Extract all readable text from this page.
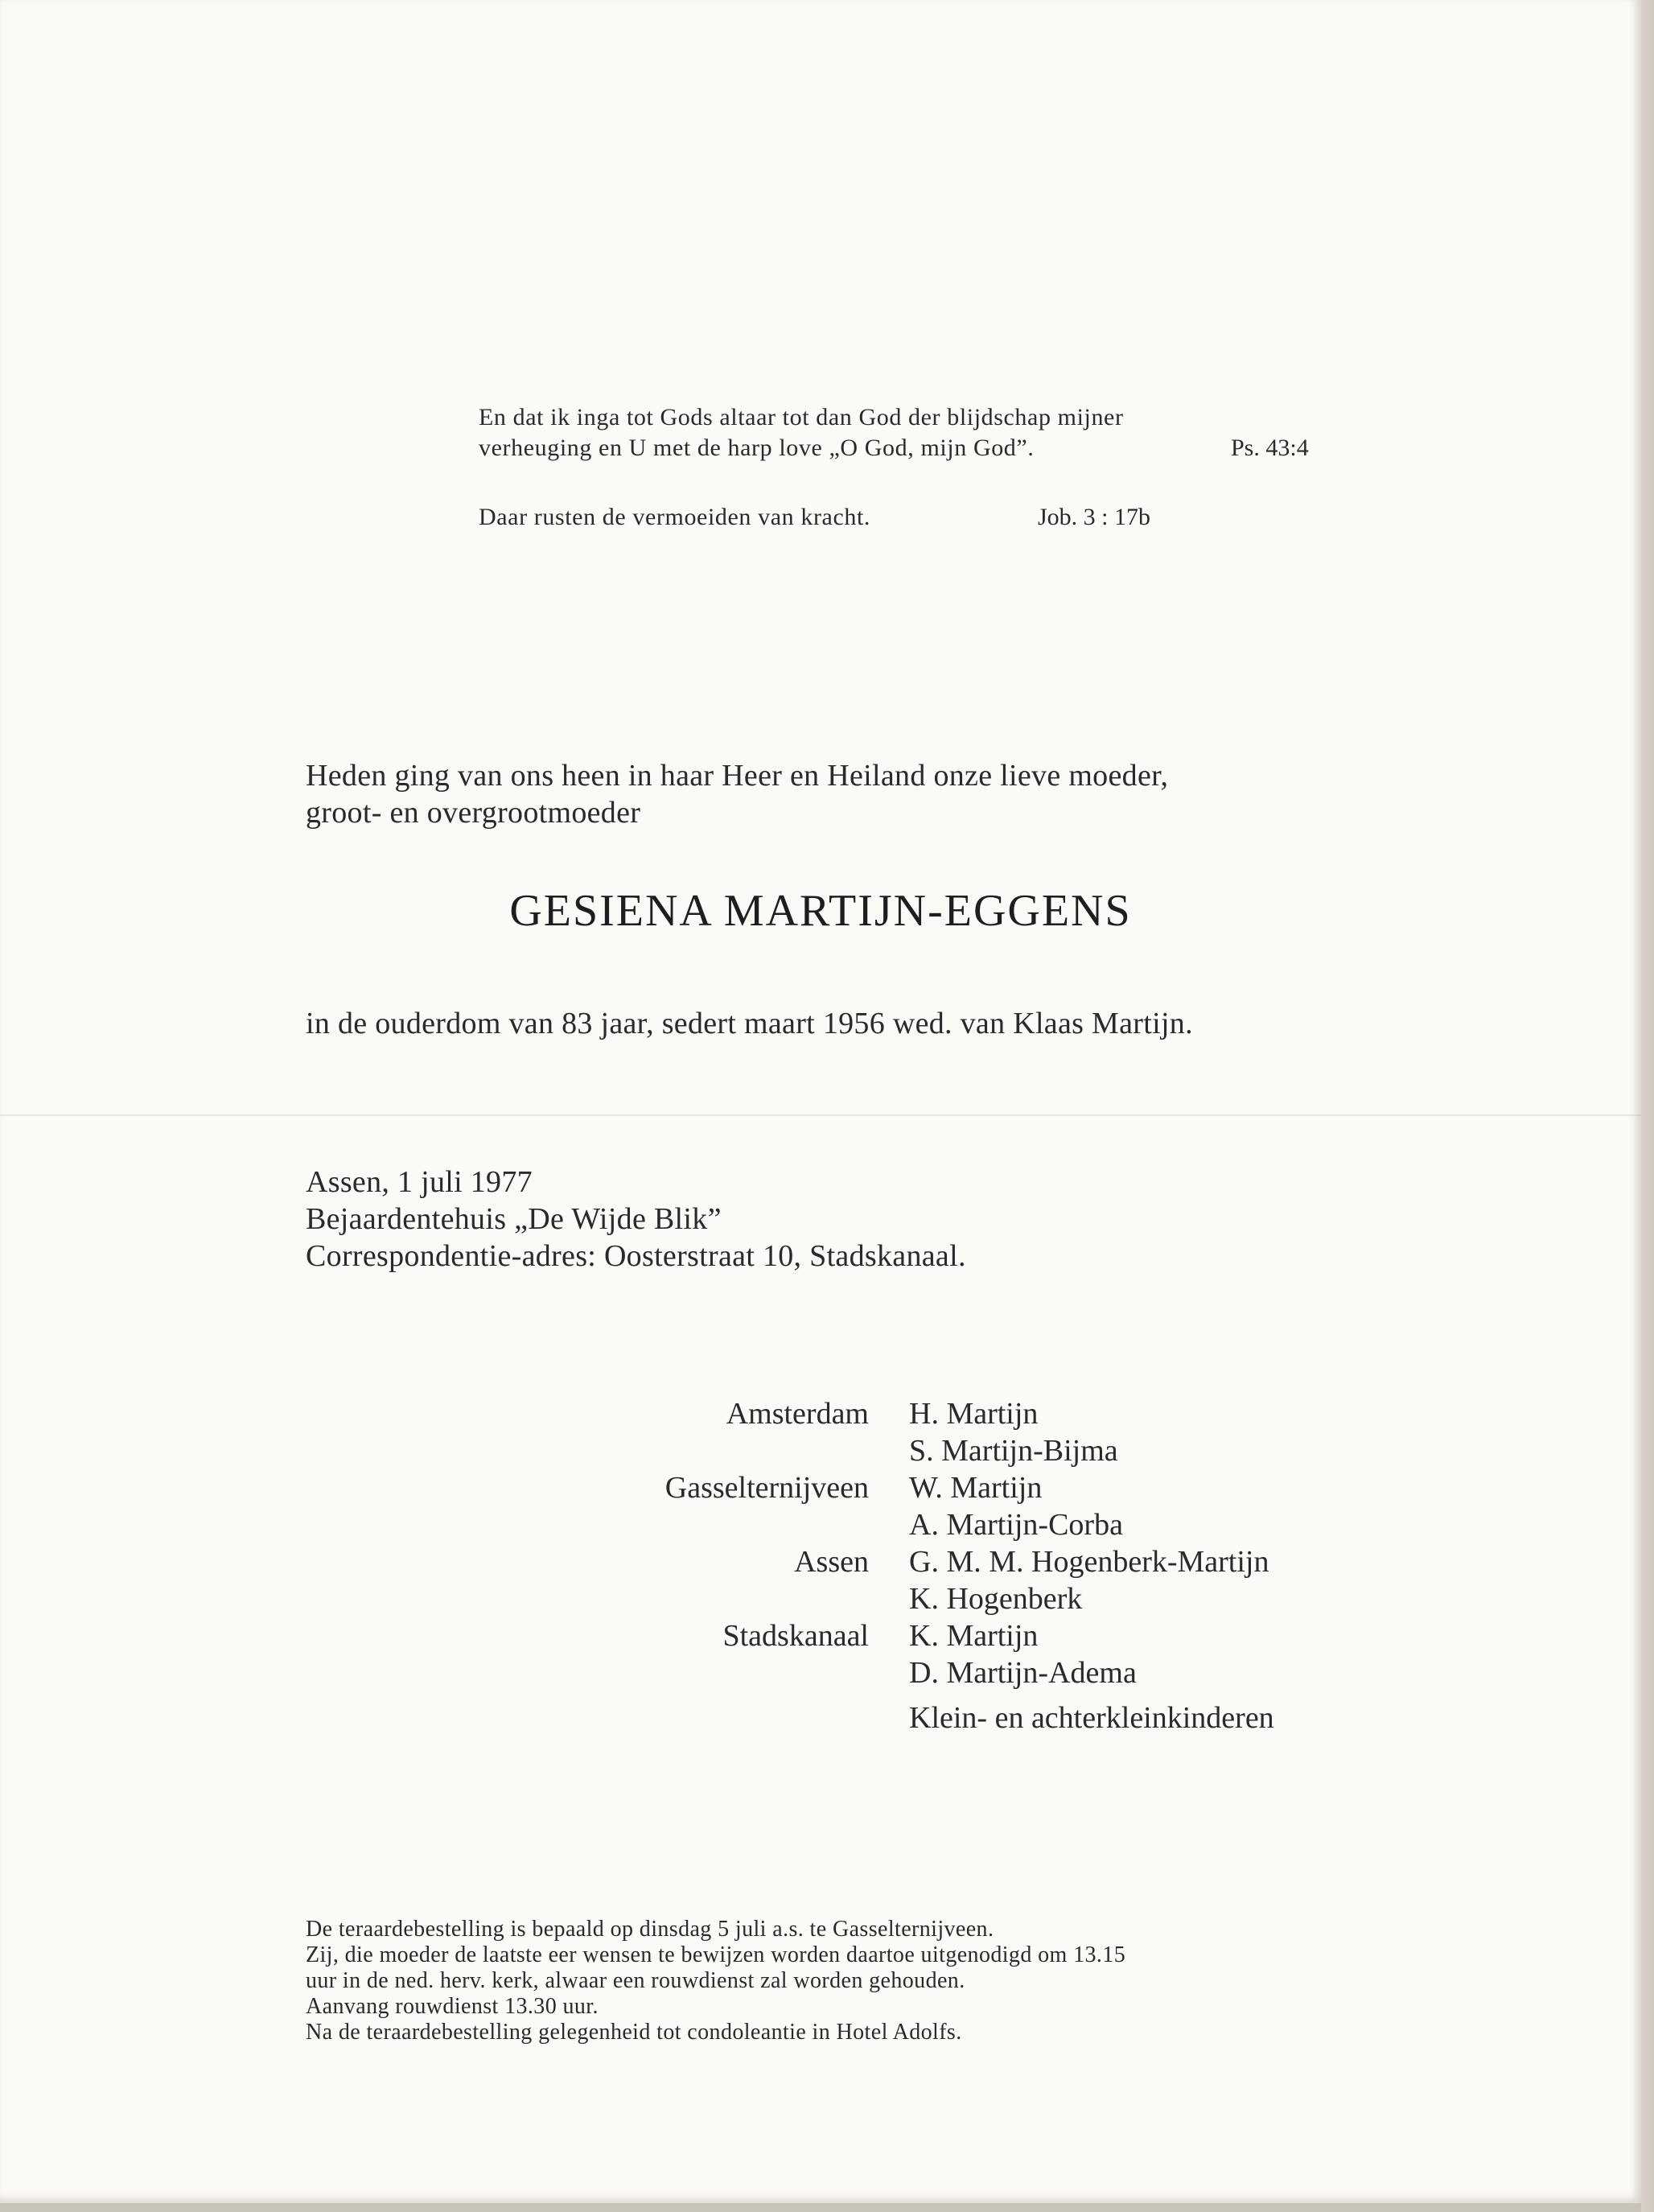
En dat ik inga tot Gods altaar tot dan God der blijdschap mijner

verheuging en U met de harp love „O God, mijn God”.	Ps. 43:4

Daar rusten de vermoeiden van kracht.	Job. 3 : 17b

Heden ging van ons heen in haar Heer en Heiland onze lieve moeder,

groot- en overgrootmoeder

GESIENA MARTIJN-EGGENS

in de ouderdom van 83 jaar, sedert maart 1956 wed. van Klaas Martijn.

Assen, 1 juli 1977

Bejaardentehuis „De Wijde Blik”

Correspondentie-adres: Oosterstraat 10, Stadskanaal.

Amsterdam	H. Martijn
	S. Martijn-Bijma
Gasselternijveen	W. Martijn
	A. Martijn-Corba
Assen	G. M. M. Hogenberk-Martijn
	K. Hogenberk
Stadskanaal	K. Martijn
	D. Martijn-Adema
	Klein- en achterkleinkinderen

De teraardebestelling is bepaald op dinsdag 5 juli a.s. te Gasselternijveen.

Zij, die moeder de laatste eer wensen te bewijzen worden daartoe uitgenodigd om 13.15

uur in de ned. herv. kerk, alwaar een rouwdienst zal worden gehouden.

Aanvang rouwdienst 13.30 uur.

Na de teraardebestelling gelegenheid tot condoleantie in Hotel Adolfs.
